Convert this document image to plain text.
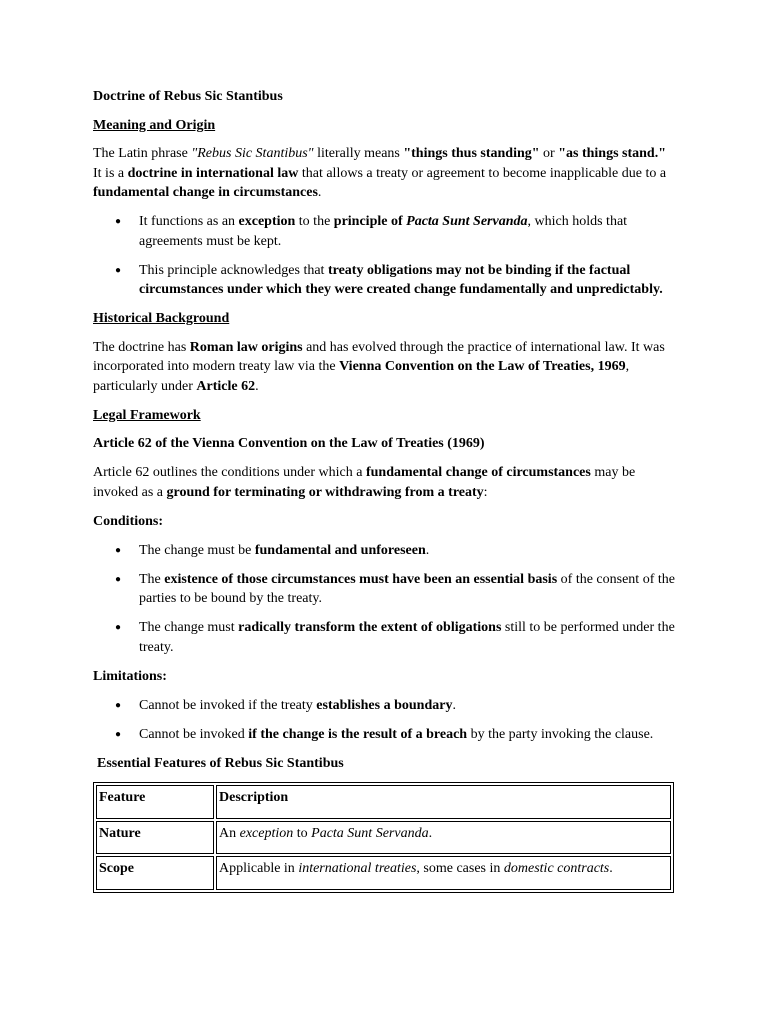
Doctrine of Rebus Sic Stantibus

Meaning and Origin

The Latin phrase "Rebus Sic Stantibus" literally means "things thus standing" or "as things stand." It is a doctrine in international law that allows a treaty or agreement to become inapplicable due to a fundamental change in circumstances.

● It functions as an exception to the principle of Pacta Sunt Servanda, which holds that agreements must be kept.
● This principle acknowledges that treaty obligations may not be binding if the factual circumstances under which they were created change fundamentally and unpredictably.

Historical Background

The doctrine has Roman law origins and has evolved through the practice of international law. It was incorporated into modern treaty law via the Vienna Convention on the Law of Treaties, 1969, particularly under Article 62.

Legal Framework

Article 62 of the Vienna Convention on the Law of Treaties (1969)

Article 62 outlines the conditions under which a fundamental change of circumstances may be invoked as a ground for terminating or withdrawing from a treaty:

Conditions:

● The change must be fundamental and unforeseen.
● The existence of those circumstances must have been an essential basis of the consent of the parties to be bound by the treaty.
● The change must radically transform the extent of obligations still to be performed under the treaty.

Limitations:

● Cannot be invoked if the treaty establishes a boundary.
● Cannot be invoked if the change is the result of a breach by the party invoking the clause.

Essential Features of Rebus Sic Stantibus

Feature	Description
Nature	An exception to Pacta Sunt Servanda.
Scope	Applicable in international treaties, some cases in domestic contracts.
